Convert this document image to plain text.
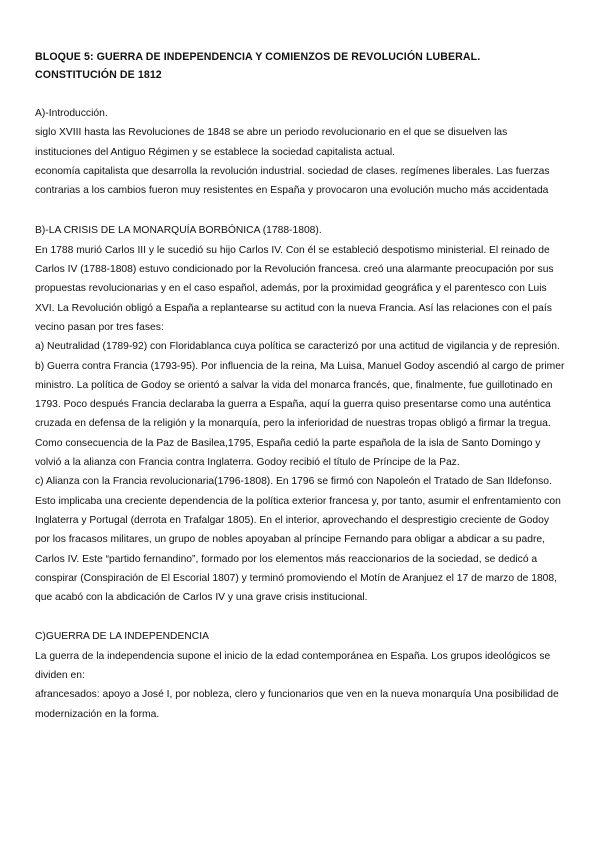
BLOQUE 5: GUERRA DE INDEPENDENCIA Y COMIENZOS DE REVOLUCIÓN LUBERAL.
CONSTITUCIÓN DE 1812
A)-Introducción.

siglo XVIII hasta las Revoluciones de 1848 se abre un periodo revolucionario en el que se disuelven las instituciones del Antiguo Régimen y se establece la sociedad capitalista actual.

economía capitalista que desarrolla la revolución industrial. sociedad de clases. regímenes liberales. Las fuerzas contrarias a los cambios fueron muy resistentes en España y provocaron una evolución mucho más accidentada

B)-LA CRISIS DE LA MONARQUÍA BORBÓNICA (1788-1808).

En 1788 murió Carlos III y le sucedió su hijo Carlos IV. Con él se estableció despotismo ministerial. El reinado de Carlos IV (1788-1808) estuvo condicionado por la Revolución francesa. creó una alarmante preocupación por sus propuestas revolucionarias y en el caso español, además, por la proximidad geográfica y el parentesco con Luis XVI. La Revolución obligó a España a replantearse su actitud con la nueva Francia. Así las relaciones con el país vecino pasan por tres fases:

a) Neutralidad (1789-92) con Floridablanca cuya política se caracterizó por una actitud de vigilancia y de represión.

b) Guerra contra Francia (1793-95). Por influencia de la reina, Ma Luisa, Manuel Godoy ascendió al cargo de primer ministro. La política de Godoy se orientó a salvar la vida del monarca francés, que, finalmente, fue guillotinado en 1793. Poco después Francia declaraba la guerra a España, aquí la guerra quiso presentarse como una auténtica cruzada en defensa de la religión y la monarquía, pero la inferioridad de nuestras tropas obligó a firmar la tregua. Como consecuencia de la Paz de Basilea,1795, España cedió la parte española de la isla de Santo Domingo y volvió a la alianza con Francia contra Inglaterra. Godoy recibió el título de Príncipe de la Paz.

c) Alianza con la Francia revolucionaria(1796-1808). En 1796 se firmó con Napoleón el Tratado de San Ildefonso. Esto implicaba una creciente dependencia de la política exterior francesa y, por tanto, asumir el enfrentamiento con Inglaterra y Portugal (derrota en Trafalgar 1805). En el interior, aprovechando el desprestigio creciente de Godoy por los fracasos militares, un grupo de nobles apoyaban al príncipe Fernando para obligar a abdicar a su padre, Carlos IV. Este “partido fernandino”, formado por los elementos más reaccionarios de la sociedad, se dedicó a conspirar (Conspiración de El Escorial 1807) y terminó promoviendo el Motín de Aranjuez el 17 de marzo de 1808, que acabó con la abdicación de Carlos IV y una grave crisis institucional.

C)GUERRA DE LA INDEPENDENCIA

La guerra de la independencia supone el inicio de la edad contemporánea en España. Los grupos ideológicos se dividen en:

afrancesados: apoyo a José I, por nobleza, clero y funcionarios que ven en la nueva monarquía Una posibilidad de modernización en la forma.
